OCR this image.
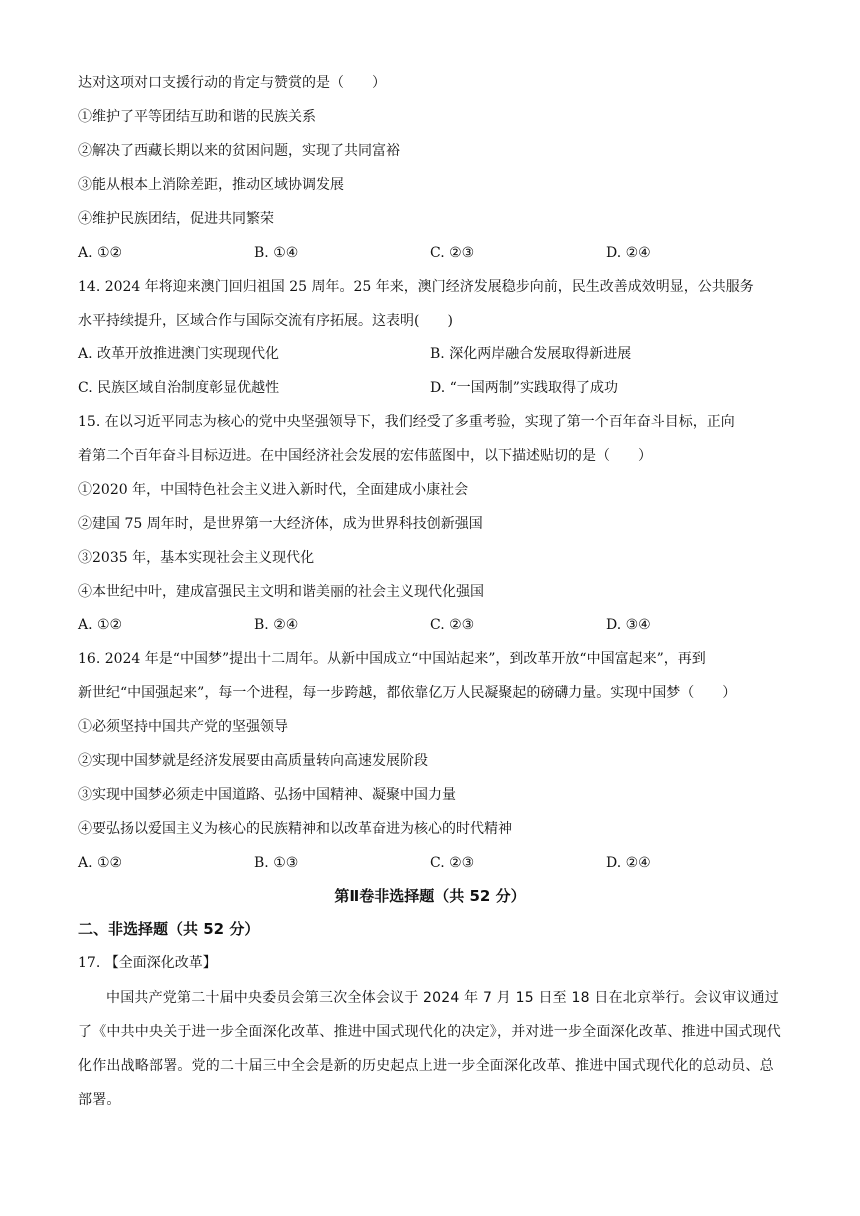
达对这项对口支援行动的肯定与赞赏的是（　　）
①维护了平等团结互助和谐的民族关系
②解决了西藏长期以来的贫困问题，实现了共同富裕
③能从根本上消除差距，推动区域协调发展
④维护民族团结，促进共同繁荣
A. ①②	B. ①④	C. ②③	D. ②④
14. 2024 年将迎来澳门回归祖国 25 周年。25 年来，澳门经济发展稳步向前，民生改善成效明显，公共服务
水平持续提升，区域合作与国际交流有序拓展。这表明(　　)
A. 改革开放推进澳门实现现代化	B. 深化两岸融合发展取得新进展
C. 民族区域自治制度彰显优越性	D. “一国两制”实践取得了成功
15. 在以习近平同志为核心的党中央坚强领导下，我们经受了多重考验，实现了第一个百年奋斗目标，正向
着第二个百年奋斗目标迈进。在中国经济社会发展的宏伟蓝图中，以下描述贴切的是（　　）
①2020 年，中国特色社会主义进入新时代，全面建成小康社会
②建国 75 周年时，是世界第一大经济体，成为世界科技创新强国
③2035 年，基本实现社会主义现代化
④本世纪中叶，建成富强民主文明和谐美丽的社会主义现代化强国
A. ①②	B. ②④	C. ②③	D. ③④
16. 2024 年是“中国梦”提出十二周年。从新中国成立“中国站起来”，到改革开放“中国富起来”，再到
新世纪“中国强起来”，每一个进程，每一步跨越，都依靠亿万人民凝聚起的磅礴力量。实现中国梦（　　）
①必须坚持中国共产党的坚强领导
②实现中国梦就是经济发展要由高质量转向高速发展阶段
③实现中国梦必须走中国道路、弘扬中国精神、凝聚中国力量
④要弘扬以爱国主义为核心的民族精神和以改革奋进为核心的时代精神
A. ①②	B. ①③	C. ②③	D. ②④
第Ⅱ卷非选择题（共 52 分）
二、非选择题（共 52 分）
17. 【全面深化改革】
中国共产党第二十届中央委员会第三次全体会议于 2024 年 7 月 15 日至 18 日在北京举行。会议审议通过了《中共中央关于进一步全面深化改革、推进中国式现代化的决定》，并对进一步全面深化改革、推进中国式现代化作出战略部署。党的二十届三中全会是新的历史起点上进一步全面深化改革、推进中国式现代化的总动员、总部署。
